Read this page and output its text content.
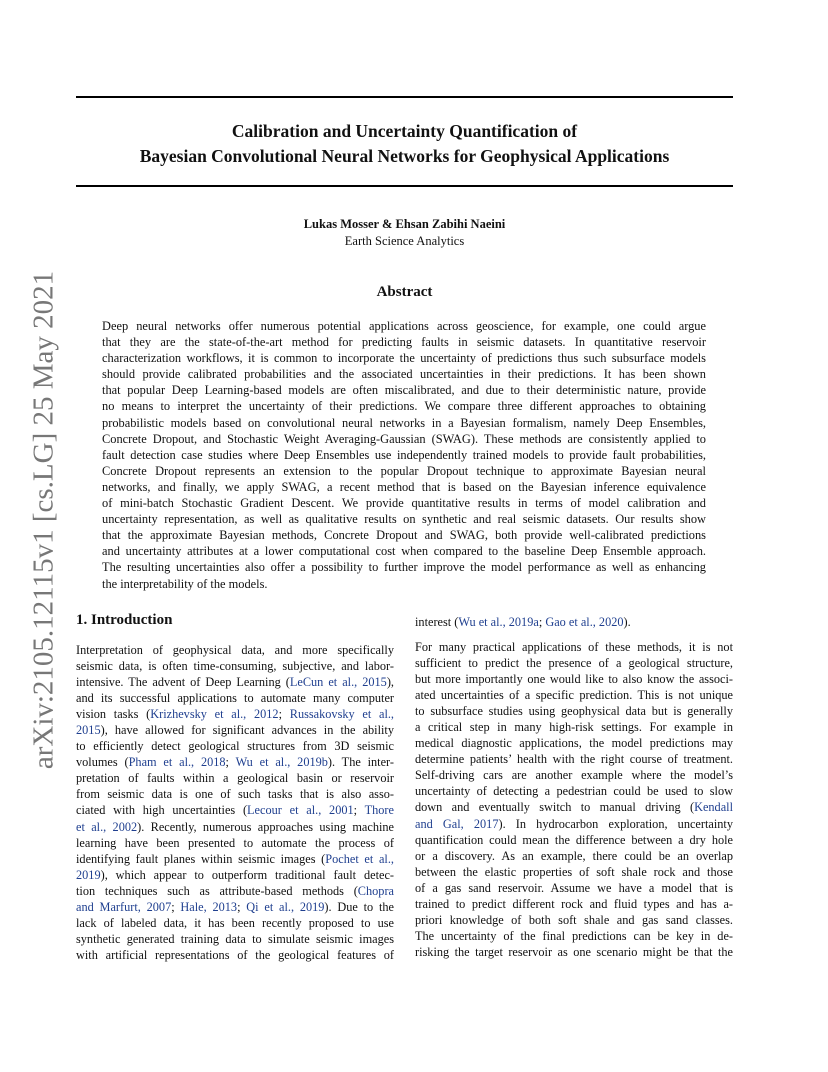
arXiv:2105.12115v1 [cs.LG] 25 May 2021
Calibration and Uncertainty Quantification of
Bayesian Convolutional Neural Networks for Geophysical Applications
Lukas Mosser & Ehsan Zabihi Naeini
Earth Science Analytics
Abstract
Deep neural networks offer numerous potential applications across geoscience, for example, one could argue
that they are the state-of-the-art method for predicting faults in seismic datasets. In quantitative reservoir
characterization workflows, it is common to incorporate the uncertainty of predictions thus such subsurface models
should provide calibrated probabilities and the associated uncertainties in their predictions. It has been shown
that popular Deep Learning-based models are often miscalibrated, and due to their deterministic nature, provide
no means to interpret the uncertainty of their predictions. We compare three different approaches to obtaining
probabilistic models based on convolutional neural networks in a Bayesian formalism, namely Deep Ensembles,
Concrete Dropout, and Stochastic Weight Averaging-Gaussian (SWAG). These methods are consistently applied to
fault detection case studies where Deep Ensembles use independently trained models to provide fault probabilities,
Concrete Dropout represents an extension to the popular Dropout technique to approximate Bayesian neural
networks, and finally, we apply SWAG, a recent method that is based on the Bayesian inference equivalence
of mini-batch Stochastic Gradient Descent. We provide quantitative results in terms of model calibration and
uncertainty representation, as well as qualitative results on synthetic and real seismic datasets. Our results show
that the approximate Bayesian methods, Concrete Dropout and SWAG, both provide well-calibrated predictions
and uncertainty attributes at a lower computational cost when compared to the baseline Deep Ensemble approach.
The resulting uncertainties also offer a possibility to further improve the model performance as well as enhancing
the interpretability of the models.
1. Introduction
Interpretation of geophysical data, and more specifically
seismic data, is often time-consuming, subjective, and labor-
intensive. The advent of Deep Learning (LeCun et al., 2015),
and its successful applications to automate many computer
vision tasks (Krizhevsky et al., 2012; Russakovsky et al.,
2015), have allowed for significant advances in the ability
to efficiently detect geological structures from 3D seismic
volumes (Pham et al., 2018; Wu et al., 2019b). The inter-
pretation of faults within a geological basin or reservoir
from seismic data is one of such tasks that is also asso-
ciated with high uncertainties (Lecour et al., 2001; Thore
et al., 2002). Recently, numerous approaches using machine
learning have been presented to automate the process of
identifying fault planes within seismic images (Pochet et al.,
2019), which appear to outperform traditional fault detec-
tion techniques such as attribute-based methods (Chopra
and Marfurt, 2007; Hale, 2013; Qi et al., 2019). Due to the
lack of labeled data, it has been recently proposed to use
synthetic generated training data to simulate seismic images
with artificial representations of the geological features of
interest (Wu et al., 2019a; Gao et al., 2020).
For many practical applications of these methods, it is not
sufficient to predict the presence of a geological structure,
but more importantly one would like to also know the associ-
ated uncertainties of a specific prediction. This is not unique
to subsurface studies using geophysical data but is generally
a critical step in many high-risk settings. For example in
medical diagnostic applications, the model predictions may
determine patients’ health with the right course of treatment.
Self-driving cars are another example where the model’s
uncertainty of detecting a pedestrian could be used to slow
down and eventually switch to manual driving (Kendall
and Gal, 2017). In hydrocarbon exploration, uncertainty
quantification could mean the difference between a dry hole
or a discovery. As an example, there could be an overlap
between the elastic properties of soft shale rock and those
of a gas sand reservoir. Assume we have a model that is
trained to predict different rock and fluid types and has a-
priori knowledge of both soft shale and gas sand classes.
The uncertainty of the final predictions can be key in de-
risking the target reservoir as one scenario might be that the
